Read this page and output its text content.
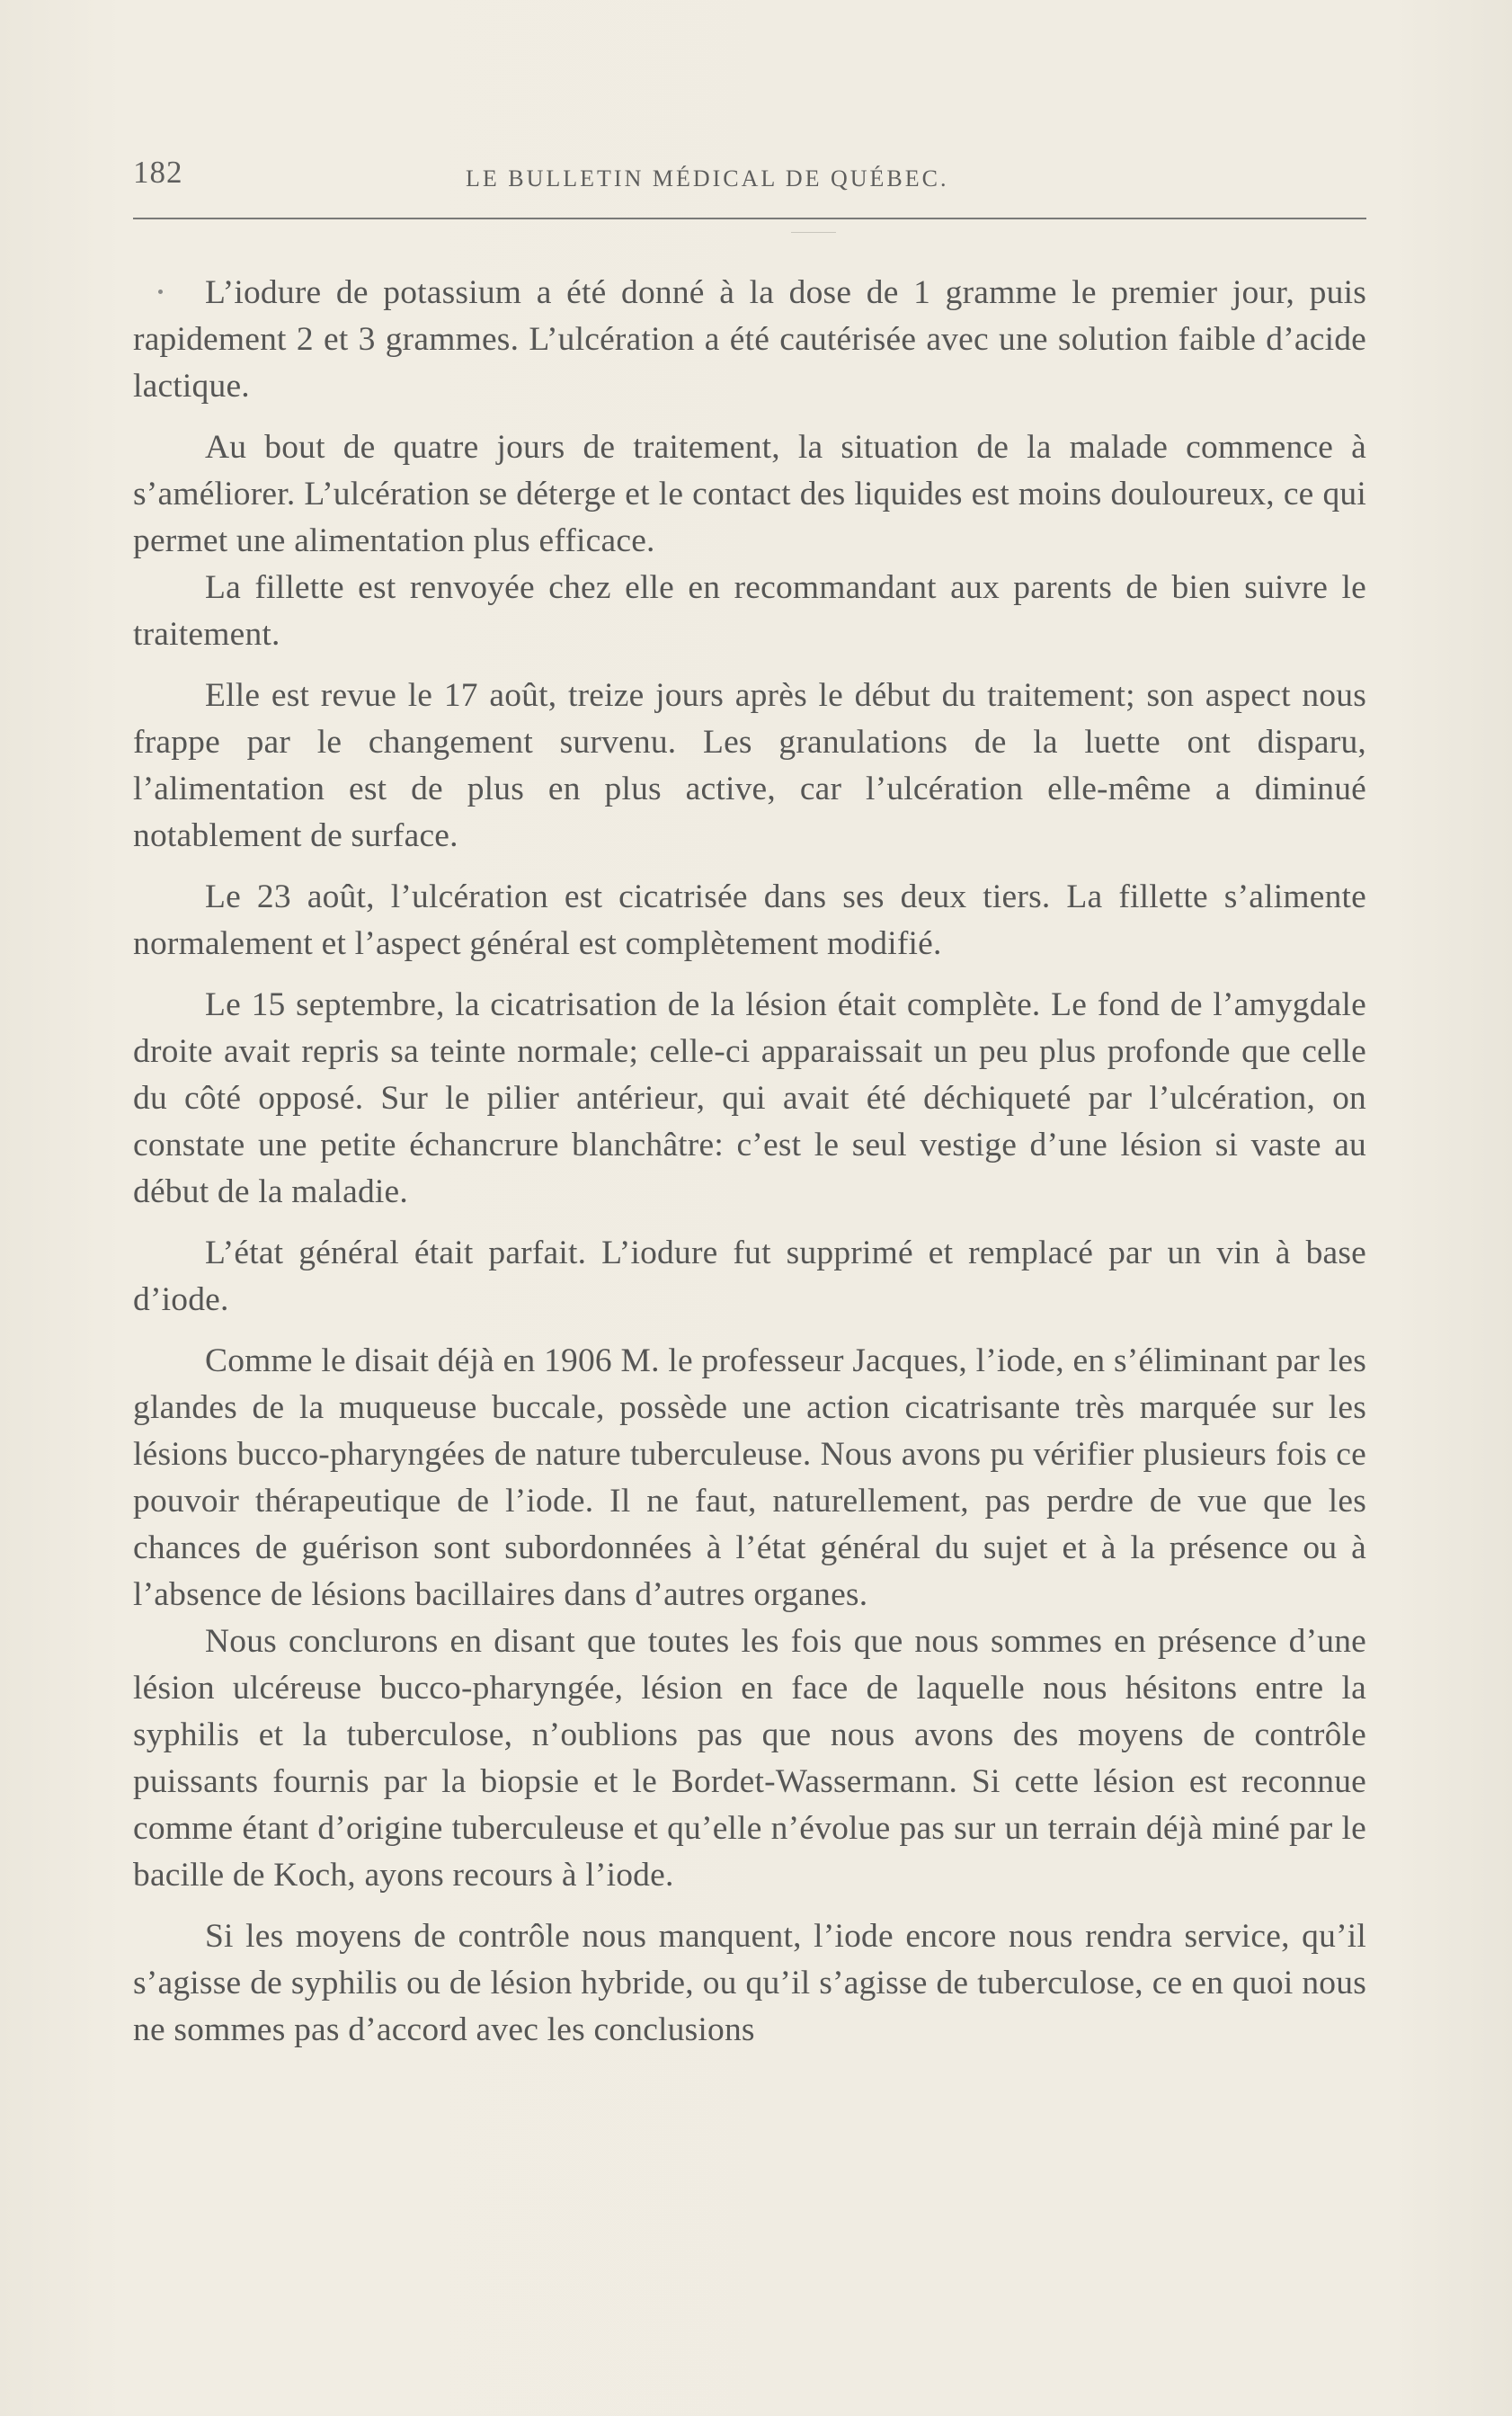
182	LE BULLETIN MÉDICAL DE QUÉBEC.

L’iodure de potassium a été donné à la dose de 1 gramme le premier jour, puis rapidement 2 et 3 grammes. L’ulcération a été cautérisée avec une solution faible d’acide lactique.

Au bout de quatre jours de traitement, la situation de la malade commence à s’améliorer. L’ulcération se déterge et le contact des liquides est moins douloureux, ce qui permet une alimentation plus efficace.

La fillette est renvoyée chez elle en recommandant aux parents de bien suivre le traitement.

Elle est revue le 17 août, treize jours après le début du traitement; son aspect nous frappe par le changement survenu. Les granulations de la luette ont disparu, l’alimentation est de plus en plus active, car l’ulcération elle-même a diminué notablement de surface.

Le 23 août, l’ulcération est cicatrisée dans ses deux tiers. La fillette s’alimente normalement et l’aspect général est complètement modifié.

Le 15 septembre, la cicatrisation de la lésion était complète. Le fond de l’amygdale droite avait repris sa teinte normale; celle-ci apparaissait un peu plus profonde que celle du côté opposé. Sur le pilier antérieur, qui avait été déchiqueté par l’ulcération, on constate une petite échancrure blanchâtre: c’est le seul vestige d’une lésion si vaste au début de la maladie.

L’état général était parfait. L’iodure fut supprimé et remplacé par un vin à base d’iode.

Comme le disait déjà en 1906 M. le professeur Jacques, l’iode, en s’éliminant par les glandes de la muqueuse buccale, possède une action cicatrisante très marquée sur les lésions bucco-pharyngées de nature tuberculeuse. Nous avons pu vérifier plusieurs fois ce pouvoir thérapeutique de l’iode. Il ne faut, naturellement, pas perdre de vue que les chances de guérison sont subordonnées à l’état général du sujet et à la présence ou à l’absence de lésions bacillaires dans d’autres organes.

Nous conclurons en disant que toutes les fois que nous sommes en présence d’une lésion ulcéreuse bucco-pharyngée, lésion en face de laquelle nous hésitons entre la syphilis et la tuberculose, n’oublions pas que nous avons des moyens de contrôle puissants fournis par la biopsie et le Bordet-Wassermann. Si cette lésion est reconnue comme étant d’origine tuberculeuse et qu’elle n’évolue pas sur un terrain déjà miné par le bacille de Koch, ayons recours à l’iode.

Si les moyens de contrôle nous manquent, l’iode encore nous rendra service, qu’il s’agisse de syphilis ou de lésion hybride, ou qu’il s’agisse de tuberculose, ce en quoi nous ne sommes pas d’accord avec les conclusions
